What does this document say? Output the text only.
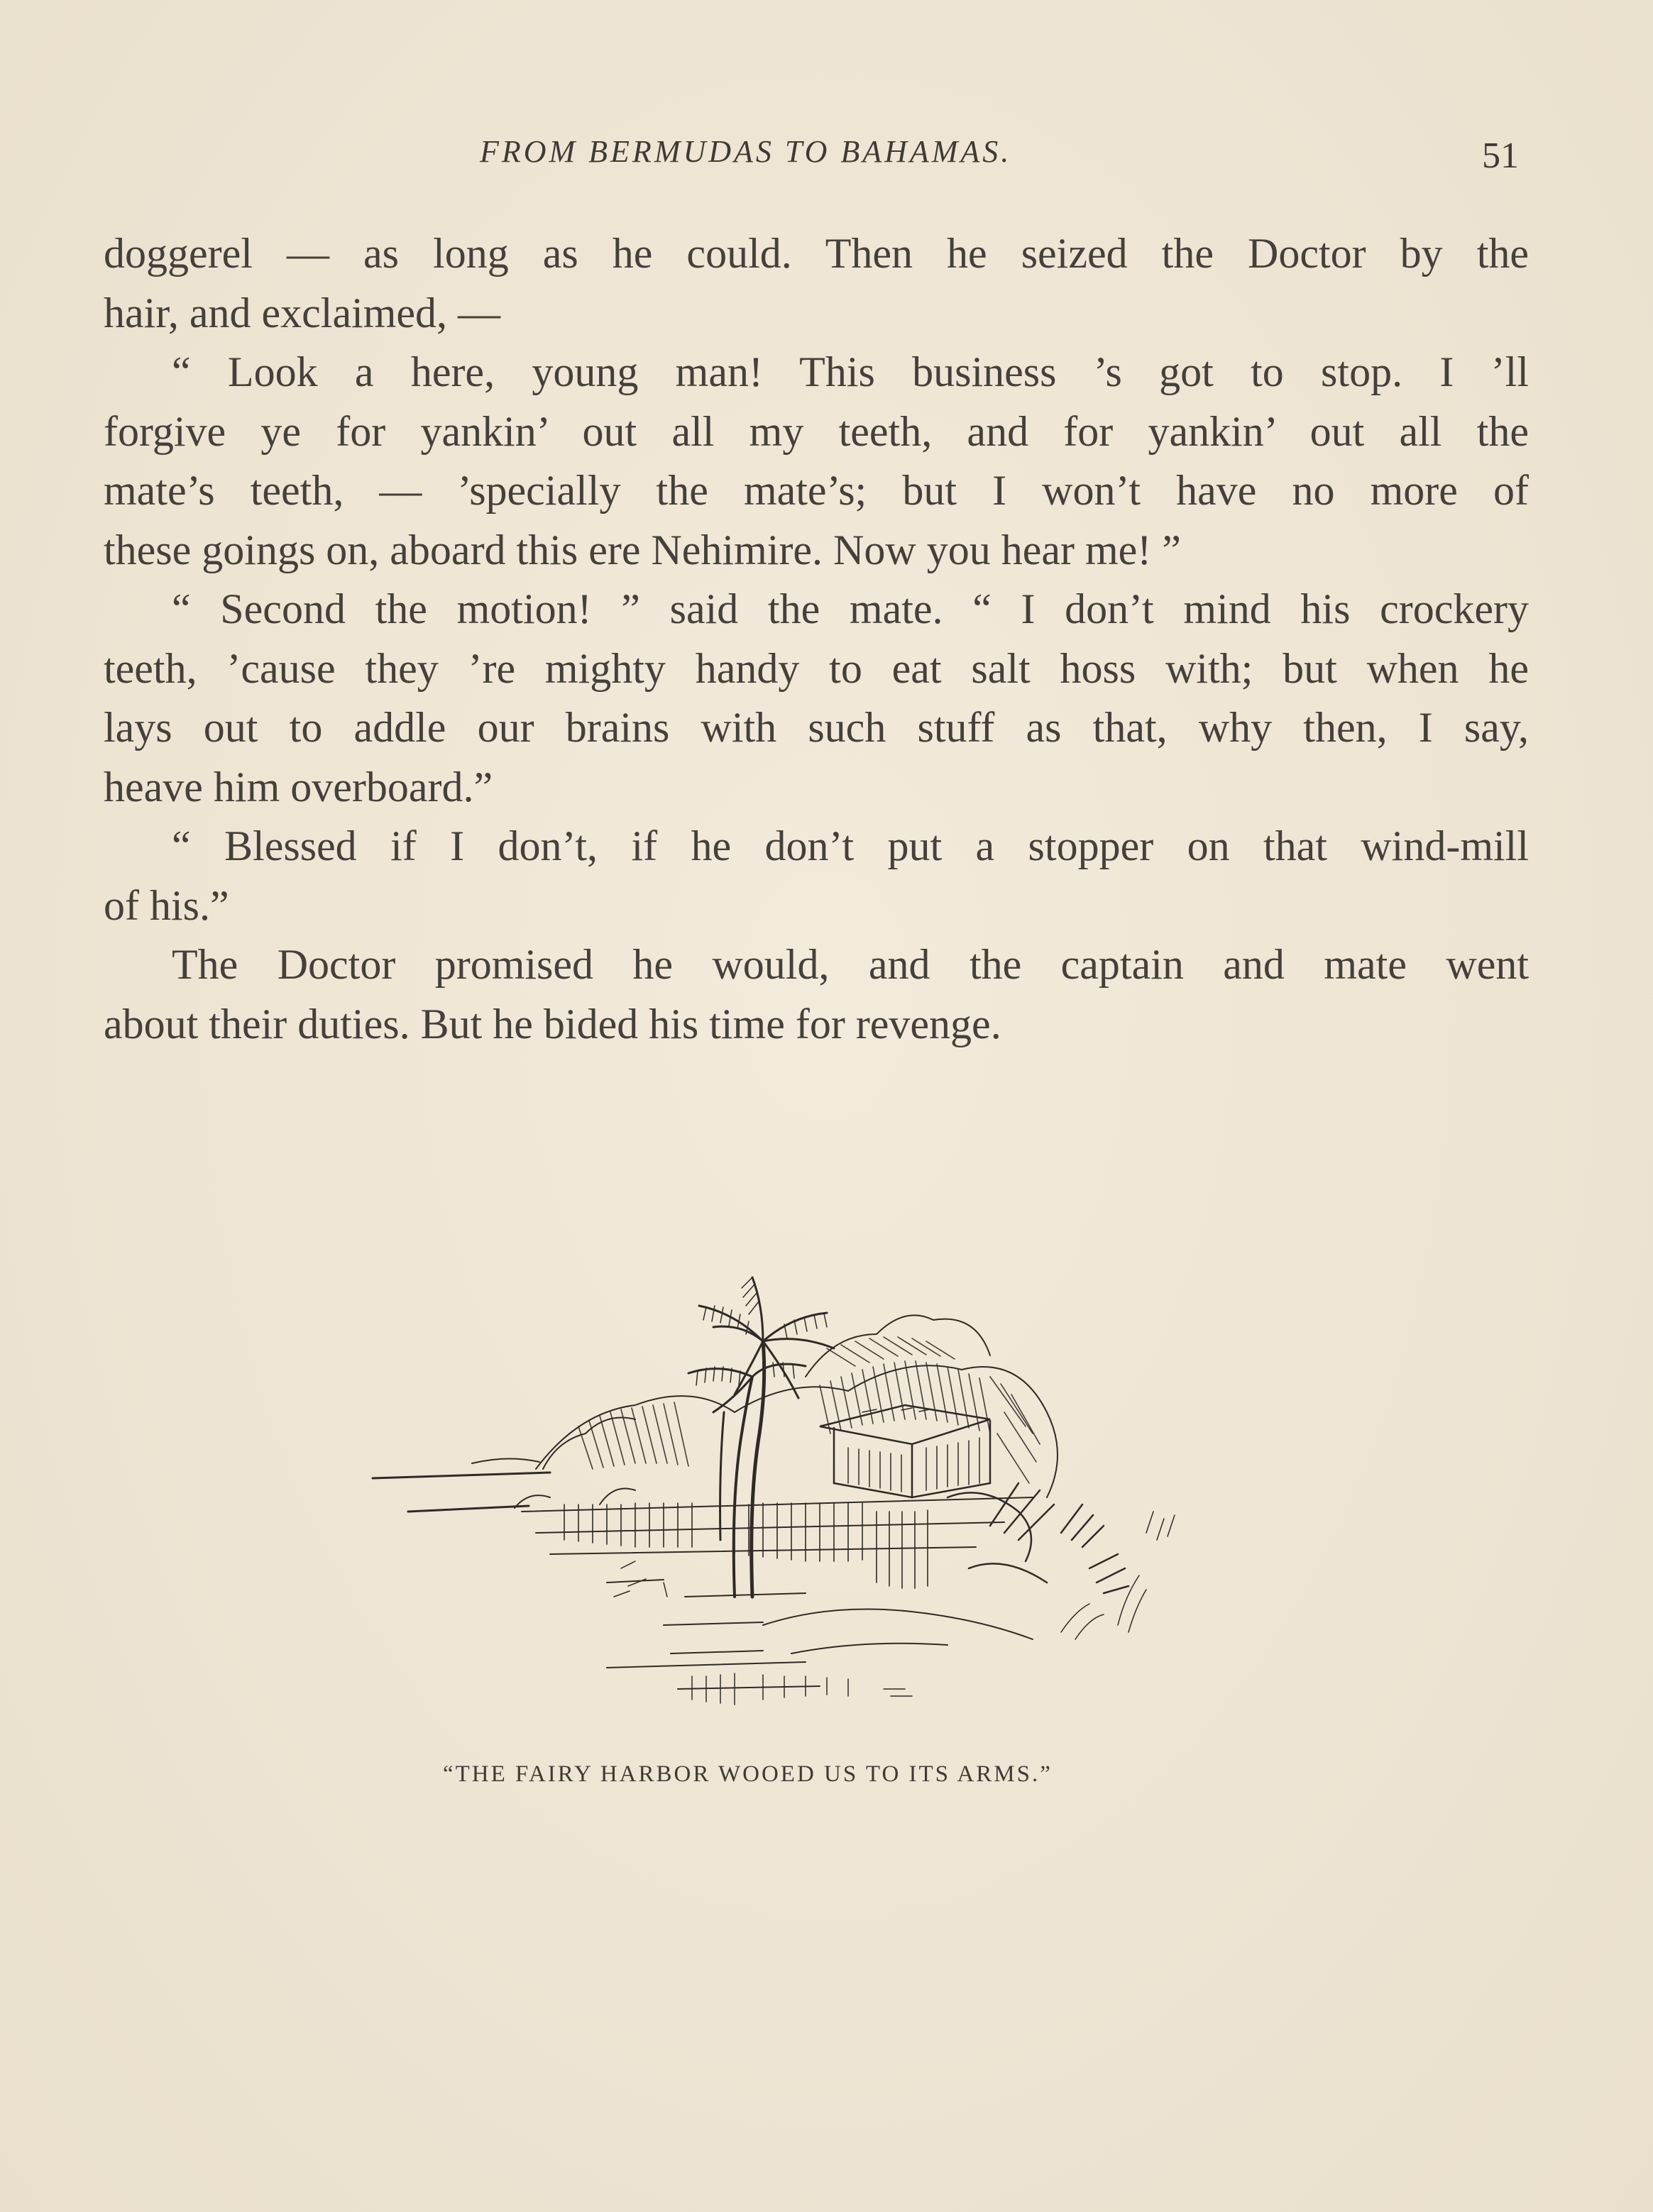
FROM BERMUDAS TO BAHAMAS.	51
doggerel — as long as he could. Then he seized the Doctor by the
hair, and exclaimed, —
“ Look a here, young man! This business ’s got to stop. I ’ll
forgive ye for yankin’ out all my teeth, and for yankin’ out all the
mate’s teeth, — ’specially the mate’s; but I won’t have no more of
these goings on, aboard this ere Nehimire. Now you hear me! ”
“ Second the motion! ” said the mate. “ I don’t mind his crockery
teeth, ’cause they ’re mighty handy to eat salt hoss with; but when he
lays out to addle our brains with such stuff as that, why then, I say,
heave him overboard.”
“ Blessed if I don’t, if he don’t put a stopper on that wind-mill
of his.”
The Doctor promised he would, and the captain and mate went
about their duties. But he bided his time for revenge.
“THE FAIRY HARBOR WOOED US TO ITS ARMS.”
